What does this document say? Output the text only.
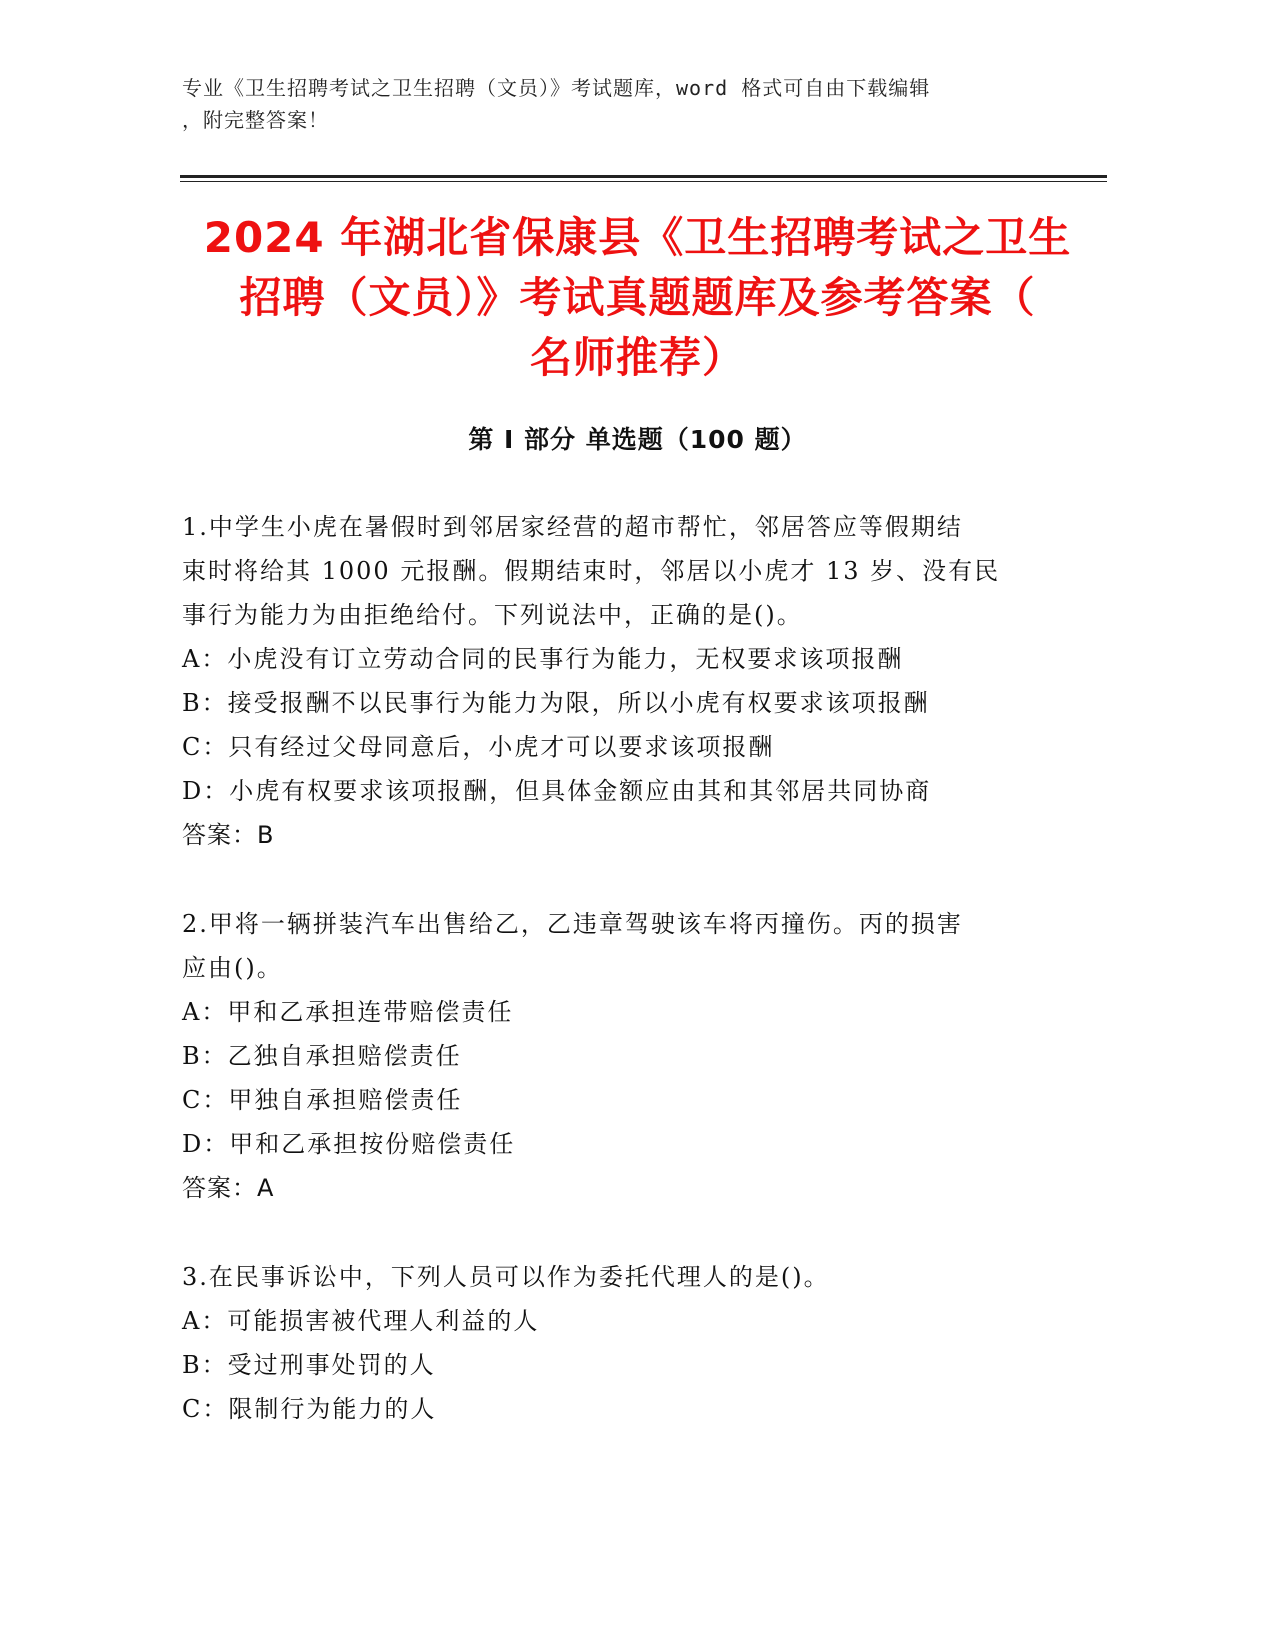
专业《卫生招聘考试之卫生招聘（文员）》考试题库，word 格式可自由下载编辑
，附完整答案！
2024 年湖北省保康县《卫生招聘考试之卫生
招聘（文员）》考试真题题库及参考答案（
名师推荐）
第 I 部分 单选题（100 题）
1.中学生小虎在暑假时到邻居家经营的超市帮忙，邻居答应等假期结
束时将给其 1000 元报酬。假期结束时，邻居以小虎才 13 岁、没有民
事行为能力为由拒绝给付。下列说法中，正确的是()。
A：小虎没有订立劳动合同的民事行为能力，无权要求该项报酬
B：接受报酬不以民事行为能力为限，所以小虎有权要求该项报酬
C：只有经过父母同意后，小虎才可以要求该项报酬
D：小虎有权要求该项报酬，但具体金额应由其和其邻居共同协商
答案：B
2.甲将一辆拼装汽车出售给乙，乙违章驾驶该车将丙撞伤。丙的损害
应由()。
A：甲和乙承担连带赔偿责任
B：乙独自承担赔偿责任
C：甲独自承担赔偿责任
D：甲和乙承担按份赔偿责任
答案：A
3.在民事诉讼中，下列人员可以作为委托代理人的是()。
A：可能损害被代理人利益的人
B：受过刑事处罚的人
C：限制行为能力的人
